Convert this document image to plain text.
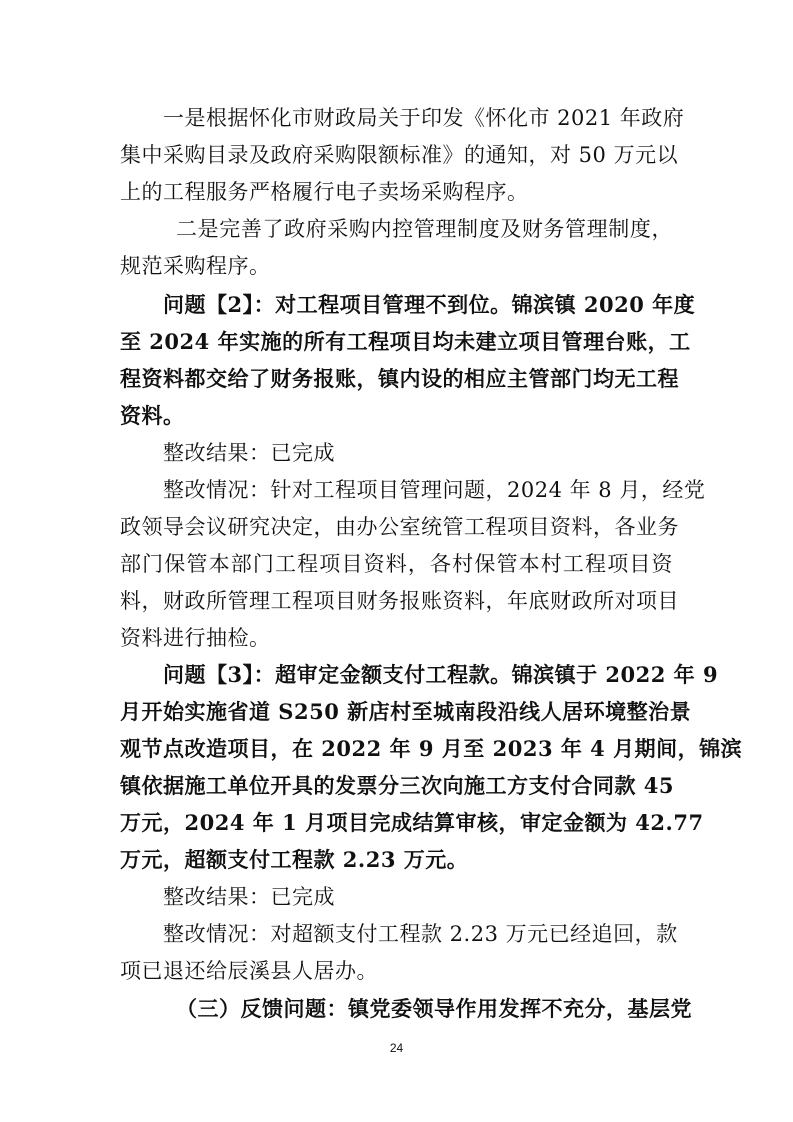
一是根据怀化市财政局关于印发《怀化市 2021 年政府
集中采购目录及政府采购限额标准》的通知，对 50 万元以
上的工程服务严格履行电子卖场采购程序。
二是完善了政府采购内控管理制度及财务管理制度，
规范采购程序。
问题【2】：对工程项目管理不到位。锦滨镇 2020 年度
至 2024 年实施的所有工程项目均未建立项目管理台账，工
程资料都交给了财务报账，镇内设的相应主管部门均无工程
资料。
整改结果：已完成
整改情况：针对工程项目管理问题，2024 年 8 月，经党
政领导会议研究决定，由办公室统管工程项目资料，各业务
部门保管本部门工程项目资料，各村保管本村工程项目资
料，财政所管理工程项目财务报账资料，年底财政所对项目
资料进行抽检。
问题【3】：超审定金额支付工程款。锦滨镇于 2022 年 9
月开始实施省道 S250 新店村至城南段沿线人居环境整治景
观节点改造项目，在 2022 年 9 月至 2023 年 4 月期间，锦滨
镇依据施工单位开具的发票分三次向施工方支付合同款 45
万元，2024 年 1 月项目完成结算审核，审定金额为 42.77
万元，超额支付工程款 2.23 万元。
整改结果：已完成
整改情况：对超额支付工程款 2.23 万元已经追回，款
项已退还给辰溪县人居办。
（三）反馈问题：镇党委领导作用发挥不充分，基层党
24
